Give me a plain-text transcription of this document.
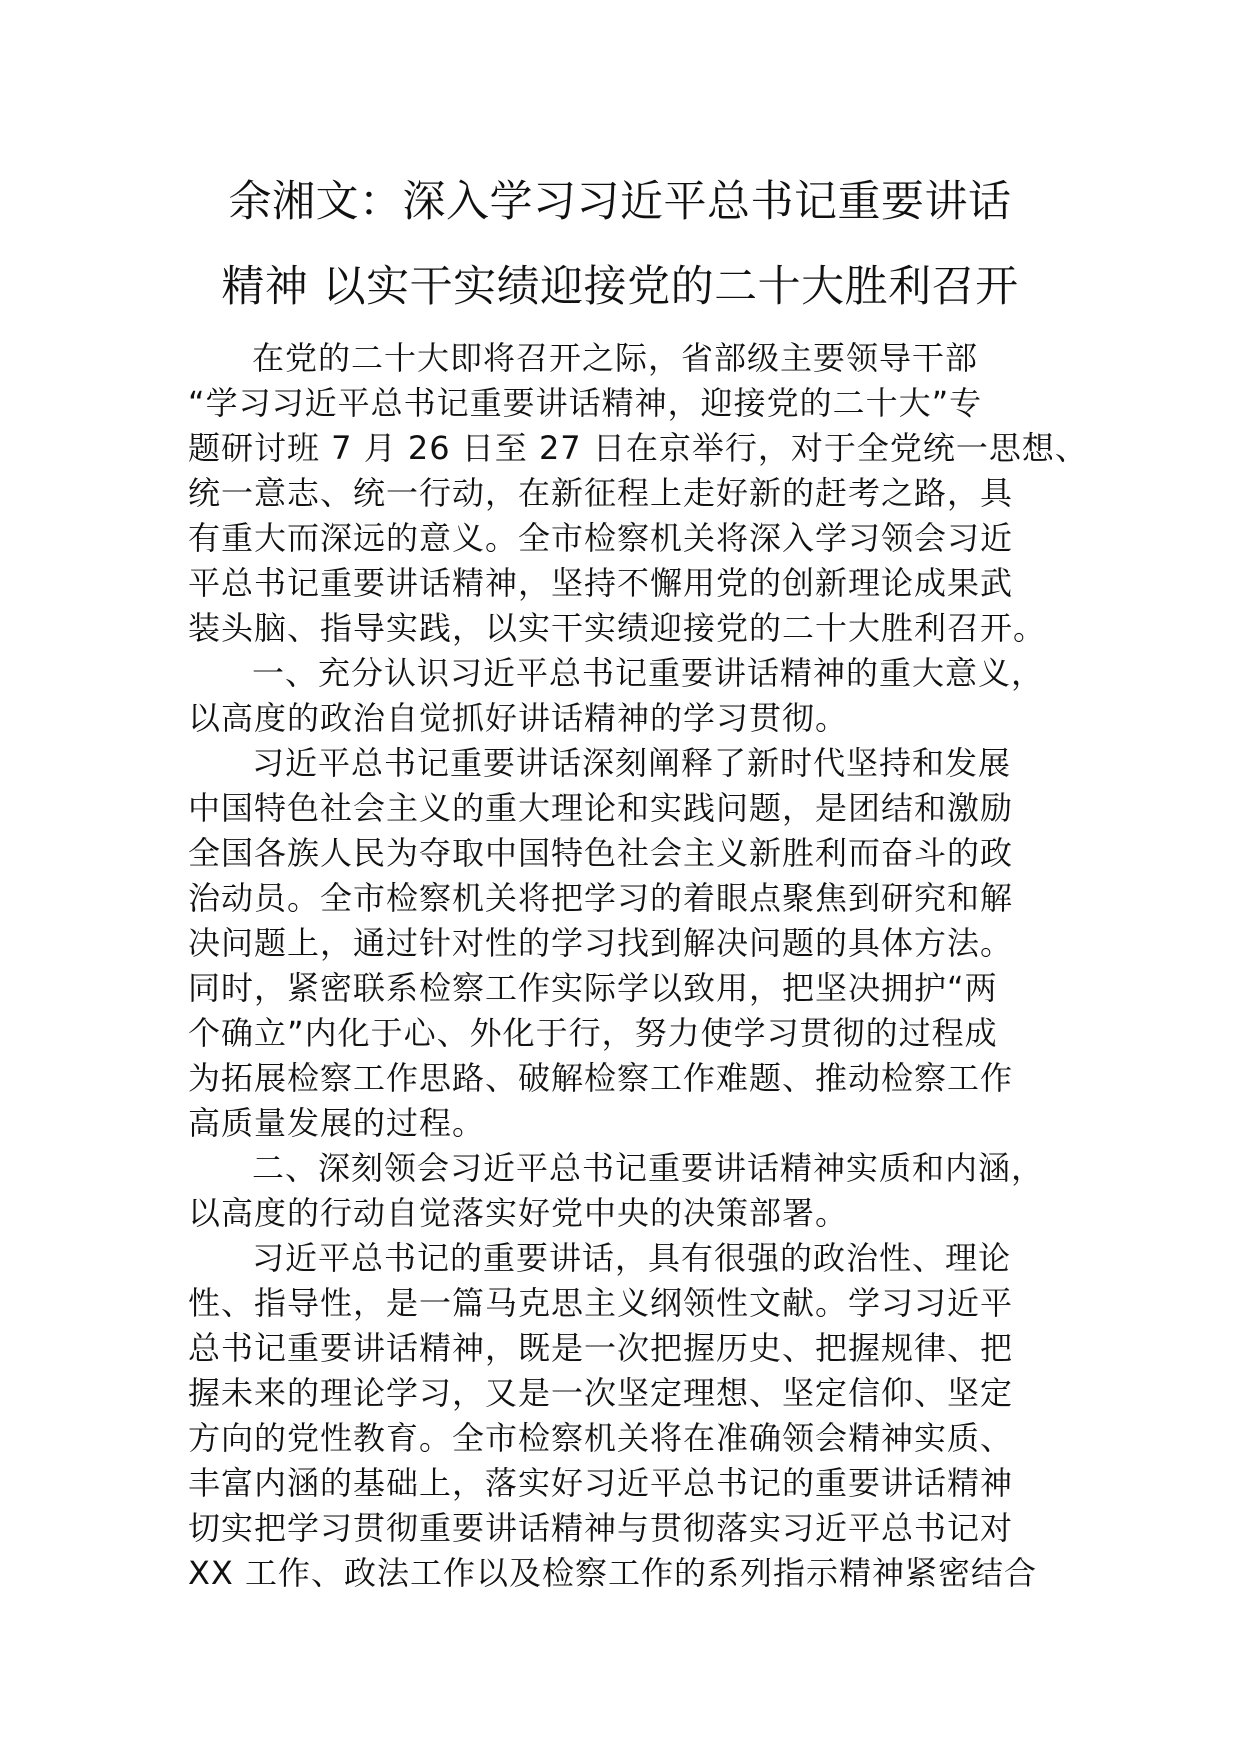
余湘文：深入学习习近平总书记重要讲话
精神 以实干实绩迎接党的二十大胜利召开
在党的二十大即将召开之际，省部级主要领导干部
“学习习近平总书记重要讲话精神，迎接党的二十大”专
题研讨班 7 月 26 日至 27 日在京举行，对于全党统一思想、
统一意志、统一行动，在新征程上走好新的赶考之路，具
有重大而深远的意义。全市检察机关将深入学习领会习近
平总书记重要讲话精神，坚持不懈用党的创新理论成果武
装头脑、指导实践，以实干实绩迎接党的二十大胜利召开。
一、充分认识习近平总书记重要讲话精神的重大意义，
以高度的政治自觉抓好讲话精神的学习贯彻。
习近平总书记重要讲话深刻阐释了新时代坚持和发展
中国特色社会主义的重大理论和实践问题，是团结和激励
全国各族人民为夺取中国特色社会主义新胜利而奋斗的政
治动员。全市检察机关将把学习的着眼点聚焦到研究和解
决问题上，通过针对性的学习找到解决问题的具体方法。
同时，紧密联系检察工作实际学以致用，把坚决拥护“两
个确立”内化于心、外化于行，努力使学习贯彻的过程成
为拓展检察工作思路、破解检察工作难题、推动检察工作
高质量发展的过程。
二、深刻领会习近平总书记重要讲话精神实质和内涵，
以高度的行动自觉落实好党中央的决策部署。
习近平总书记的重要讲话，具有很强的政治性、理论
性、指导性，是一篇马克思主义纲领性文献。学习习近平
总书记重要讲话精神，既是一次把握历史、把握规律、把
握未来的理论学习，又是一次坚定理想、坚定信仰、坚定
方向的党性教育。全市检察机关将在准确领会精神实质、
丰富内涵的基础上，落实好习近平总书记的重要讲话精神
切实把学习贯彻重要讲话精神与贯彻落实习近平总书记对
XX 工作、政法工作以及检察工作的系列指示精神紧密结合
